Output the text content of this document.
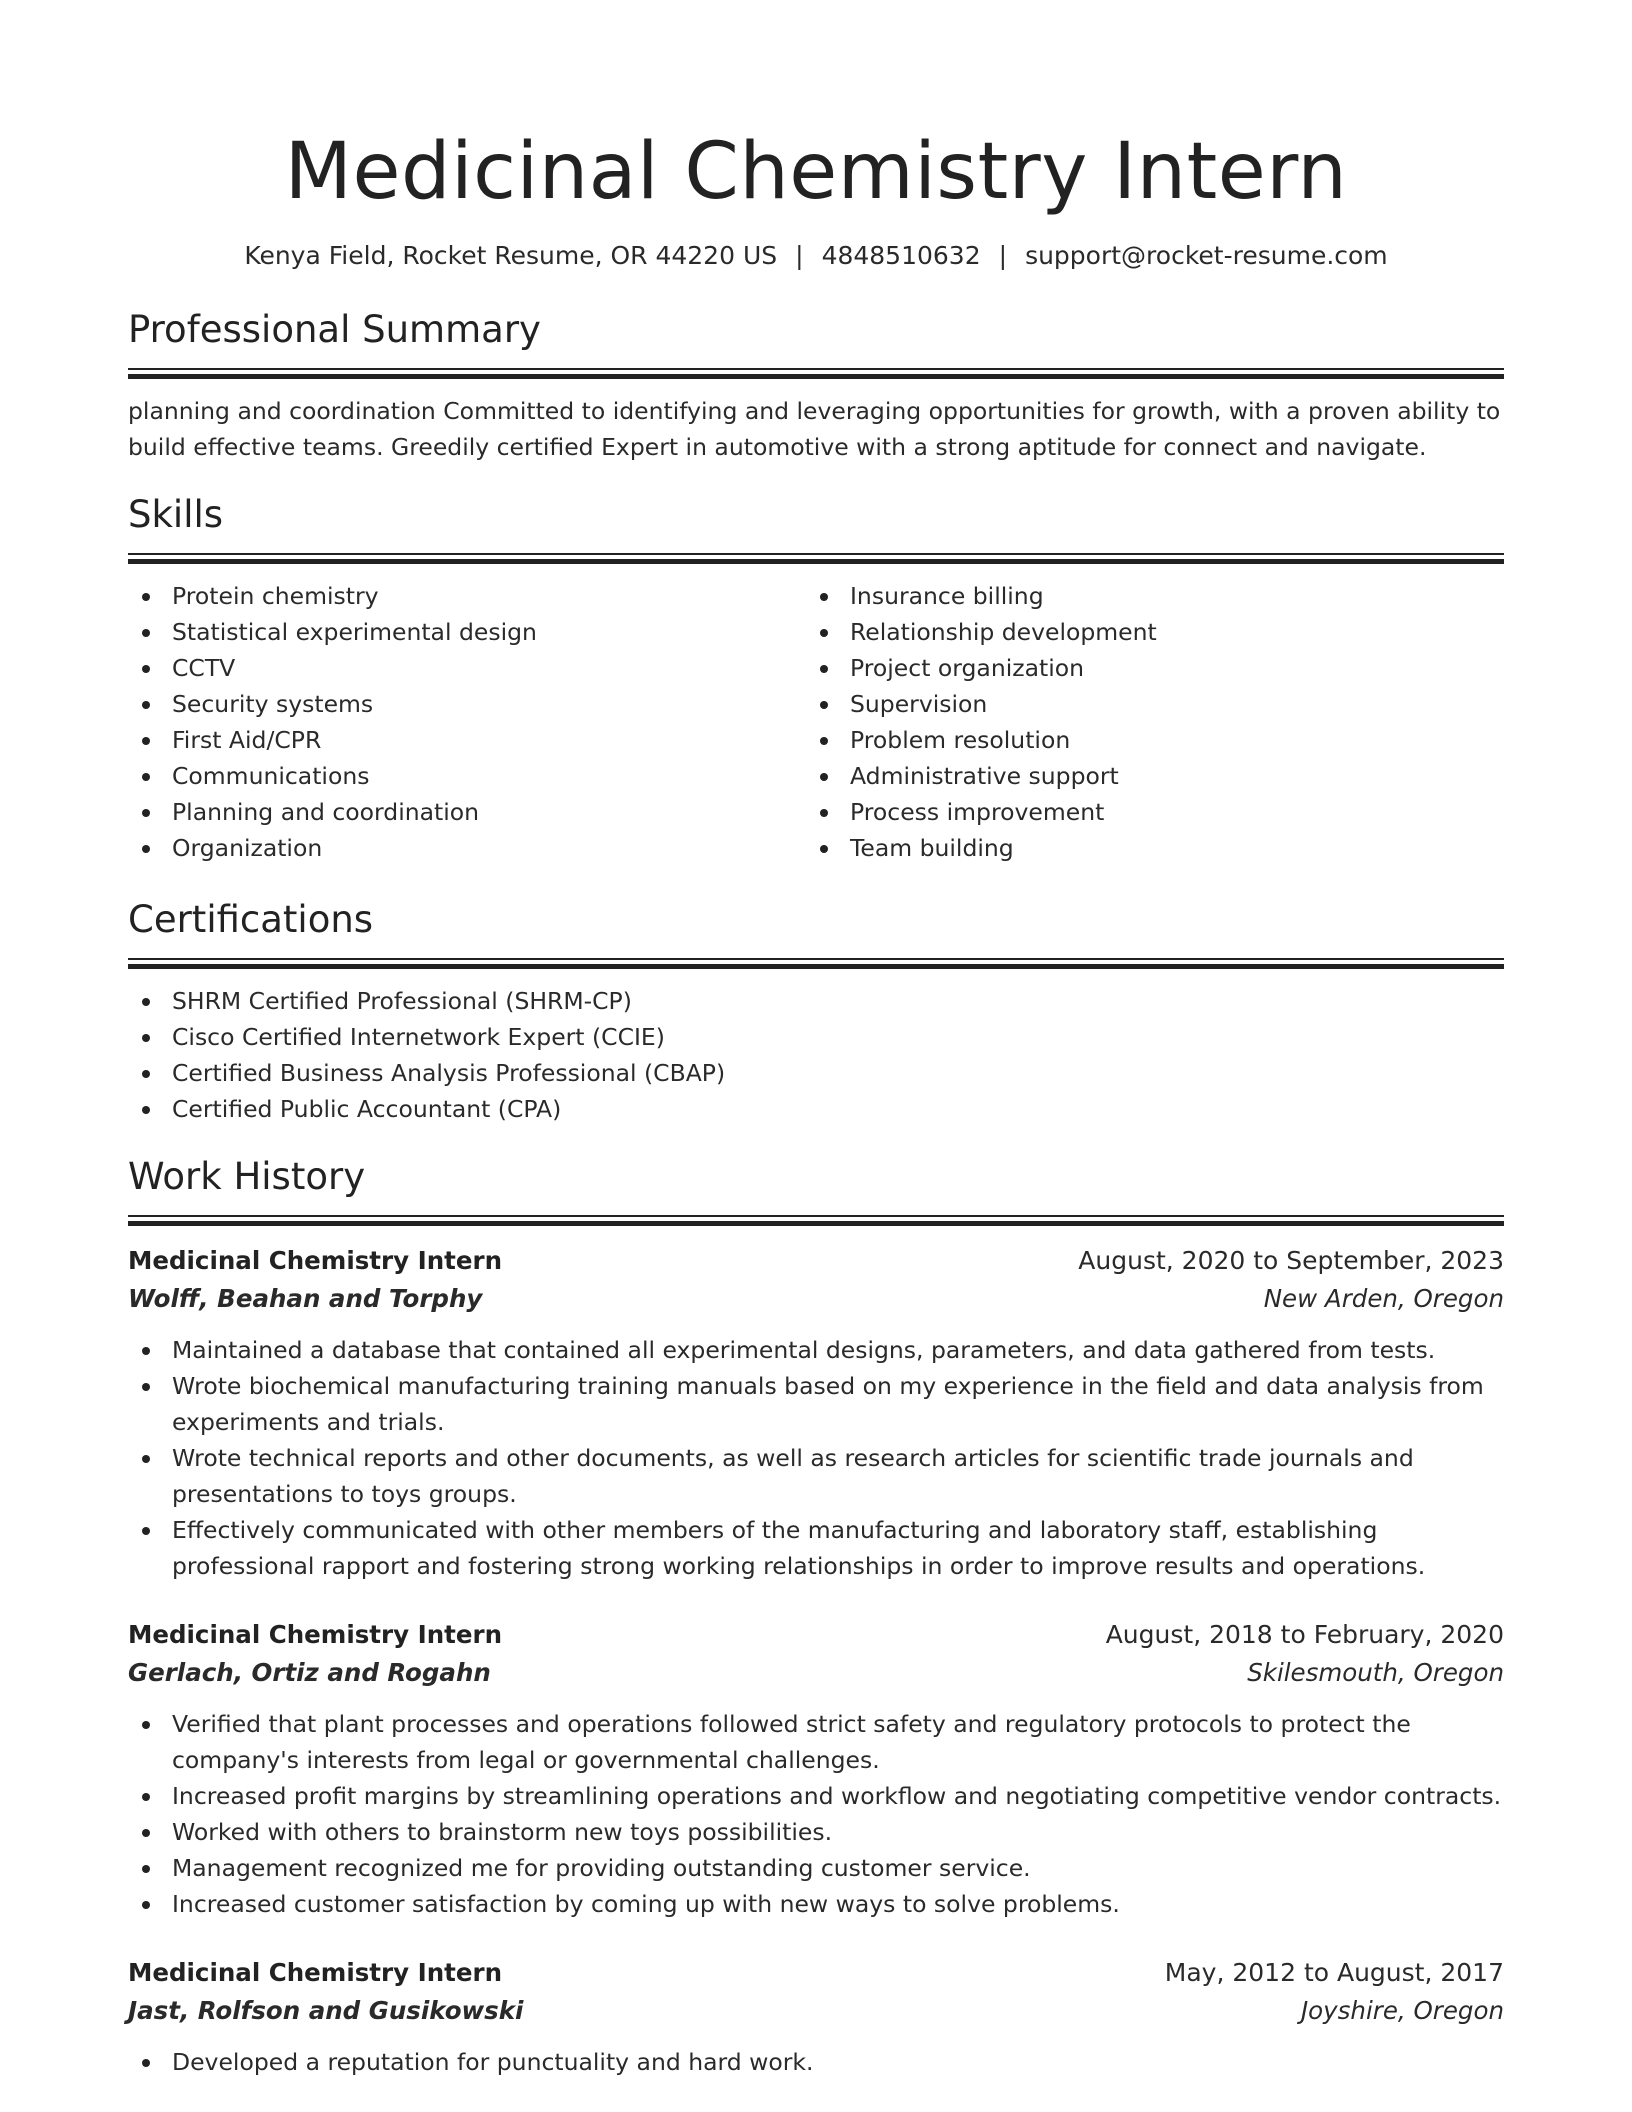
Medicinal Chemistry Intern
Kenya Field, Rocket Resume, OR 44220 US | 4848510632 | support@rocket-resume.com
Professional Summary

planning and coordination Committed to identifying and leveraging opportunities for growth, with a proven ability to build effective teams. Greedily certified Expert in automotive with a strong aptitude for connect and navigate.

Skills
Protein chemistry
Statistical experimental design
CCTV
Security systems
First Aid/CPR
Communications
Planning and coordination
Organization
Insurance billing
Relationship development
Project organization
Supervision
Problem resolution
Administrative support
Process improvement
Team building
Certifications
SHRM Certified Professional (SHRM-CP)
Cisco Certified Internetwork Expert (CCIE)
Certified Business Analysis Professional (CBAP)
Certified Public Accountant (CPA)
Work History
Medicinal Chemistry Intern	August, 2020 to September, 2023
Wolff, Beahan and Torphy	New Arden, Oregon
Maintained a database that contained all experimental designs, parameters, and data gathered from tests.
Wrote biochemical manufacturing training manuals based on my experience in the field and data analysis from experiments and trials.
Wrote technical reports and other documents, as well as research articles for scientific trade journals and presentations to toys groups.
Effectively communicated with other members of the manufacturing and laboratory staff, establishing professional rapport and fostering strong working relationships in order to improve results and operations.
Medicinal Chemistry Intern	August, 2018 to February, 2020
Gerlach, Ortiz and Rogahn	Skilesmouth, Oregon
Verified that plant processes and operations followed strict safety and regulatory protocols to protect the company's interests from legal or governmental challenges.
Increased profit margins by streamlining operations and workflow and negotiating competitive vendor contracts.
Worked with others to brainstorm new toys possibilities.
Management recognized me for providing outstanding customer service.
Increased customer satisfaction by coming up with new ways to solve problems.
Medicinal Chemistry Intern	May, 2012 to August, 2017
Jast, Rolfson and Gusikowski	Joyshire, Oregon
Developed a reputation for punctuality and hard work.
